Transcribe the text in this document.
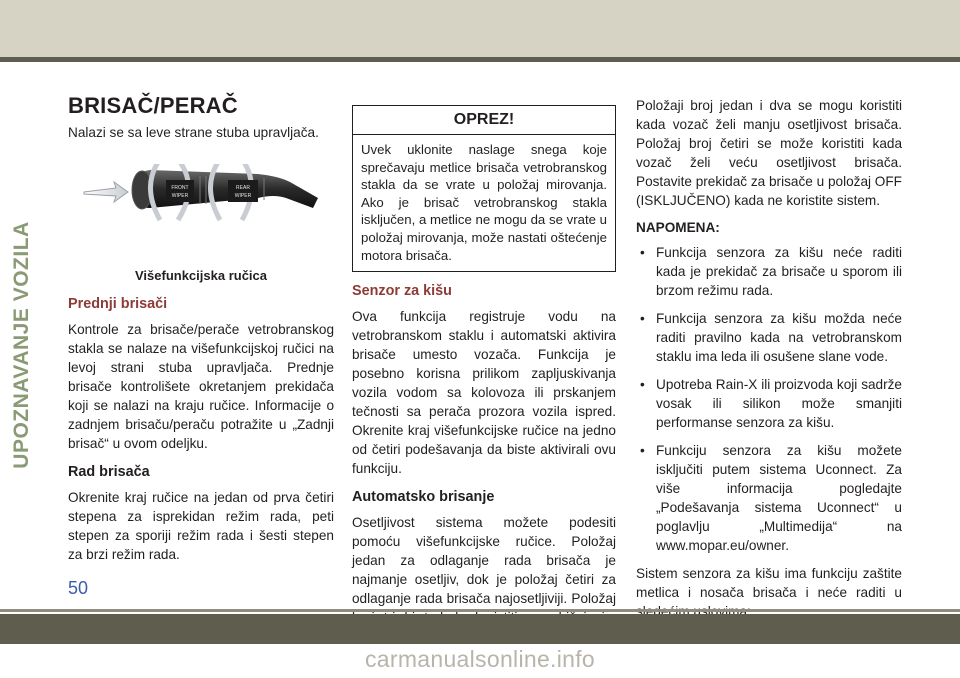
UPOZNAVANJE VOZILA
BRISAČ/PERAČ

Nalazi se sa leve strane stuba upravljača.

FRONT
WIPER
REAR
WIPER
Višefunkcijska ručica
Prednji brisači

Kontrole za brisače/perače vetrobranskog stakla se nalaze na višefunkcijskoj ručici na levoj strani stuba upravljača. Prednje brisače kontrolišete okretanjem prekidača koji se nalazi na kraju ručice. Informacije o zadnjem brisaču/peraču potražite u „Zadnji brisač“ u ovom odeljku.

Rad brisača

Okrenite kraj ručice na jedan od prva četiri stepena za isprekidan režim rada, peti stepen za sporiji režim rada i šesti stepen za brzi režim rada.

OPREZ!
Uvek uklonite naslage snega koje sprečavaju metlice brisača vetrobranskog stakla da se vrate u položaj mirovanja. Ako je brisač vetrobranskog stakla isključen, a metlice ne mogu da se vrate u položaj mirovanja, može nastati oštećenje motora brisača.
Senzor za kišu

Ova funkcija registruje vodu na vetrobranskom staklu i automatski aktivira brisače umesto vozača. Funkcija je posebno korisna prilikom zapljuskivanja vozila vodom sa kolovoza ili prskanjem tečnosti sa perača prozora vozila ispred. Okrenite kraj višefunkcijske ručice na jedno od četiri podešavanja da biste aktivirali ovu funkciju.

Automatsko brisanje

Osetljivost sistema možete podesiti pomoću višefunkcijske ručice. Položaj jedan za odlaganje rada brisača je najmanje osetljiv, dok je položaj četiri za odlaganje rada brisača najosetljiviji. Položaj

Položaji broj jedan i dva se mogu koristiti kada vozač želi manju osetljivost brisača. Položaj broj četiri se može koristiti kada vozač želi veću osetljivost brisača. Postavite prekidač za brisače u položaj OFF (ISKLJUČENO) kada ne koristite sistem.

NAPOMENA:
• Funkcija senzora za kišu neće raditi kada je prekidač za brisače u sporom ili brzom režimu rada.
• Funkcija senzora za kišu možda neće raditi pravilno kada na vetrobranskom staklu ima leda ili osušene slane vode.
• Upotreba Rain-X ili proizvoda koji sadrže vosak ili silikon može smanjiti performanse senzora za kišu.
• Funkciju senzora za kišu možete isključiti putem sistema Uconnect. Za više informacija pogledajte „Podešavanja sistema Uconnect“ u poglavlju „Multimedija“ na www.mopar.eu/owner.

Sistem senzora za kišu ima funkciju zaštite metlica i nosača brisača i neće raditi u

50
carmanualsonline.info
